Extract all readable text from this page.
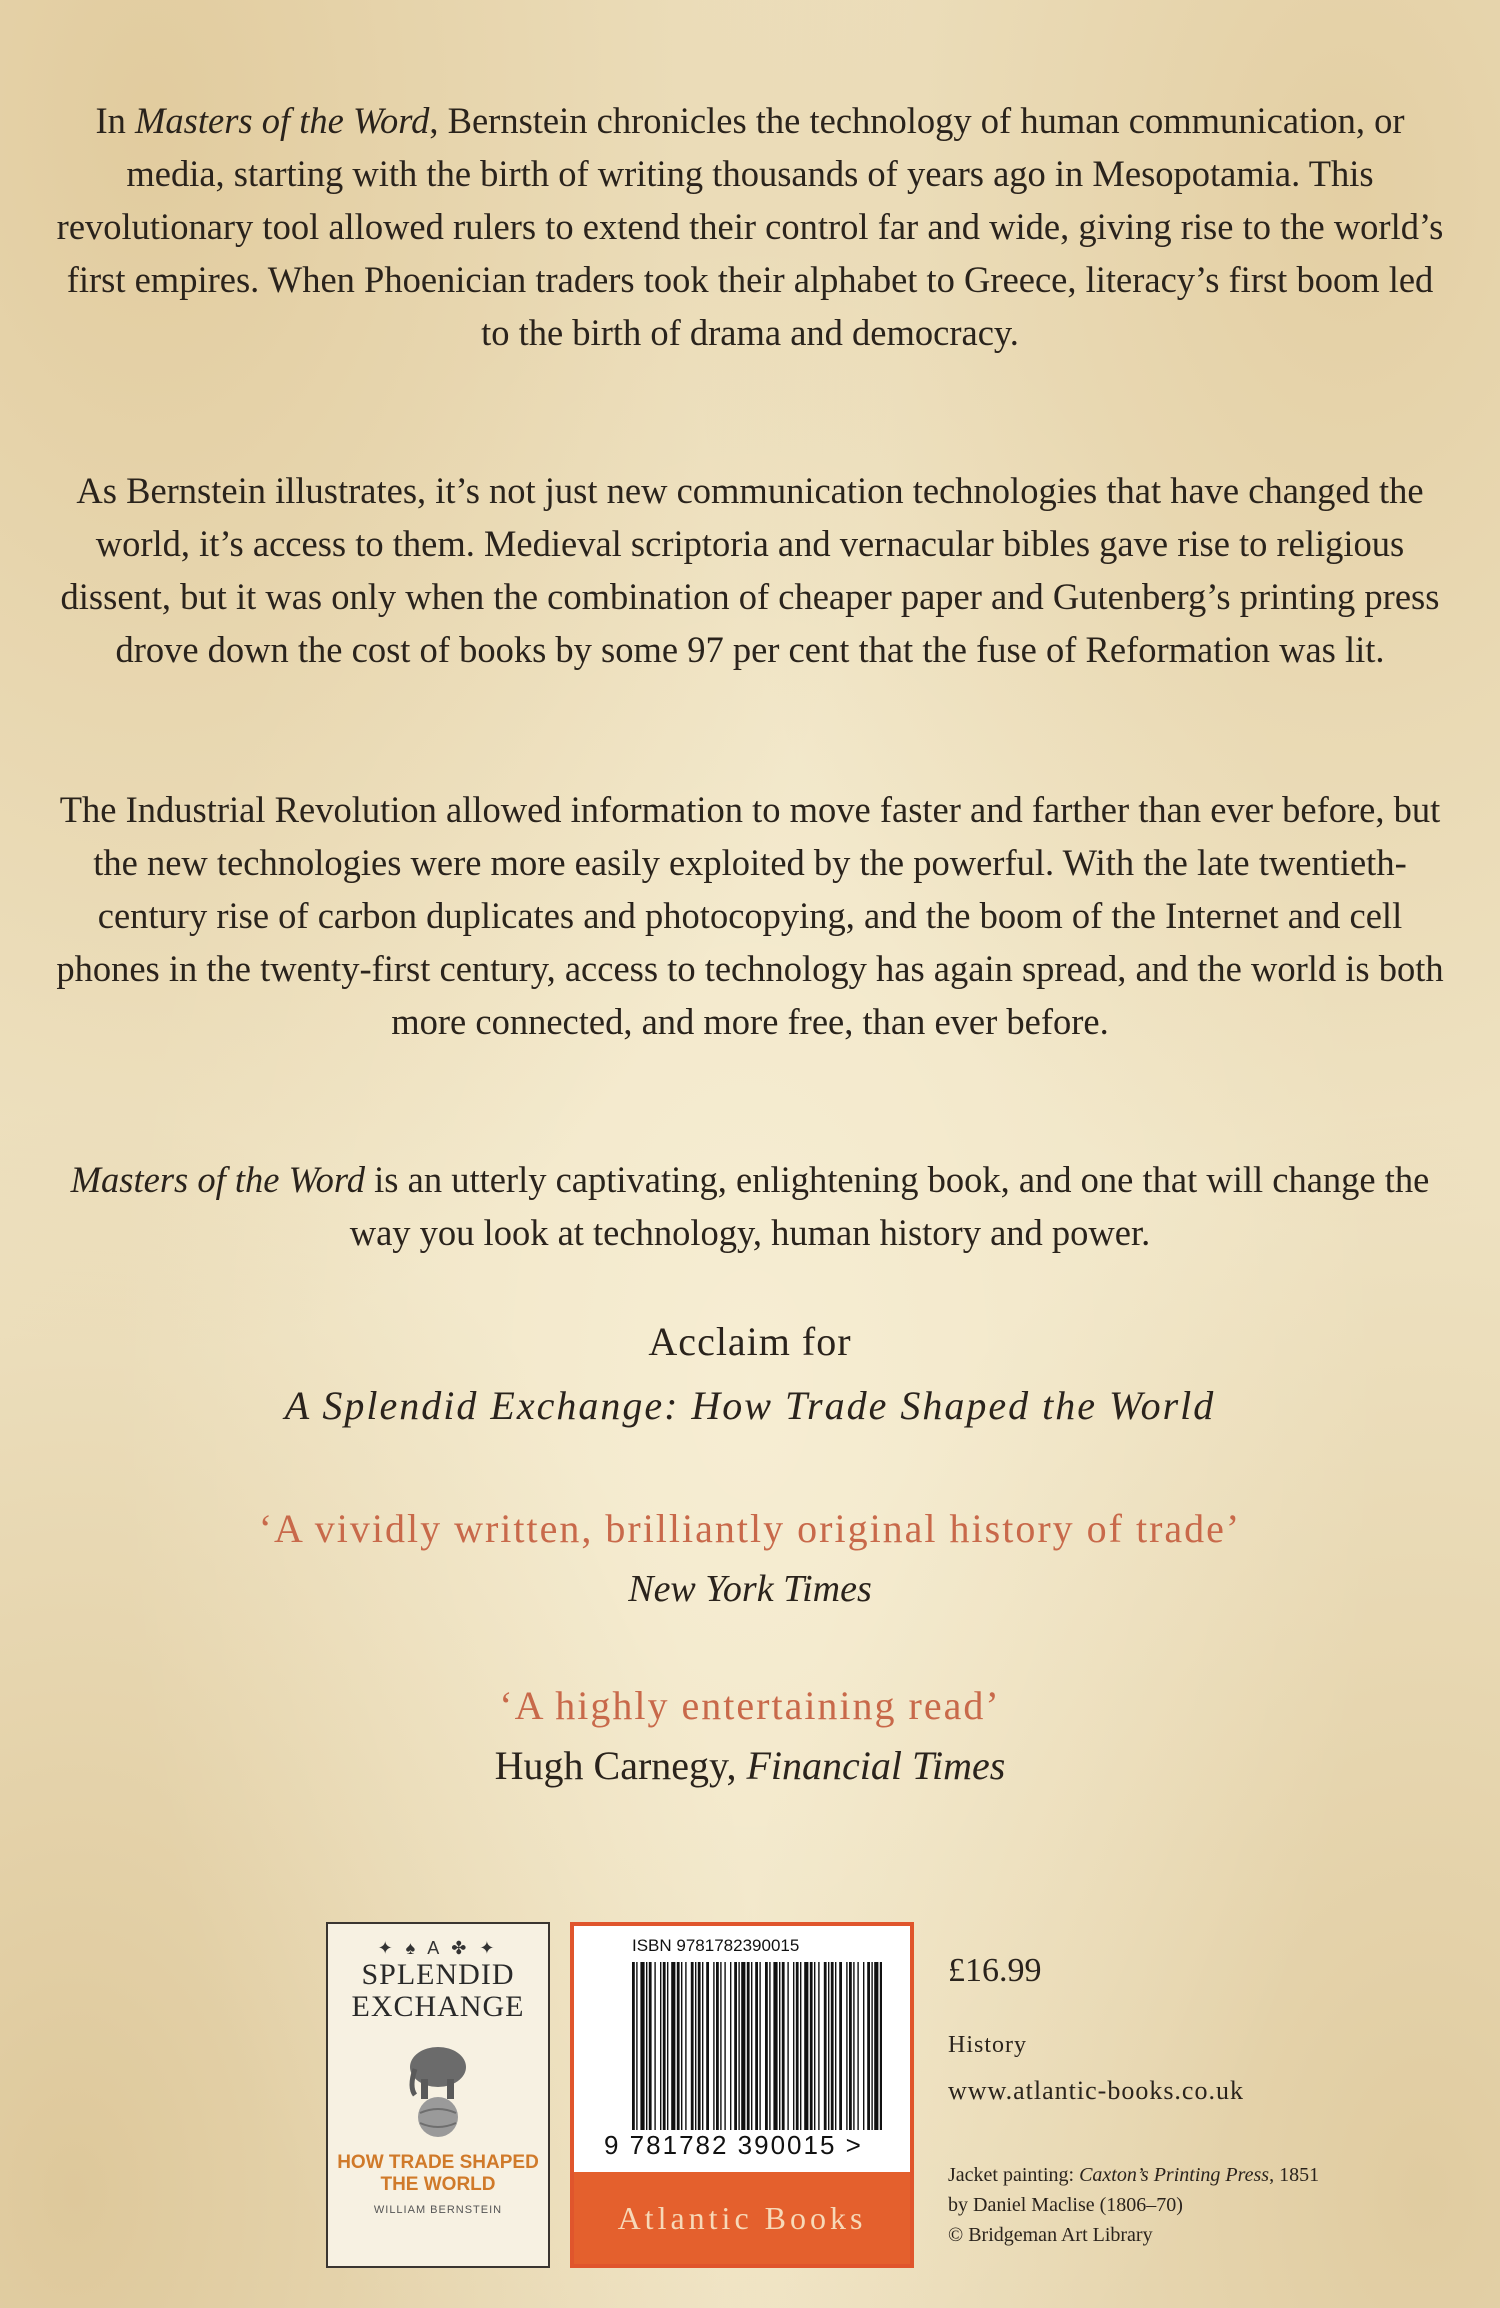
In Masters of the Word, Bernstein chronicles the technology of human communication, or media, starting with the birth of writing thousands of years ago in Mesopotamia. This revolutionary tool allowed rulers to extend their control far and wide, giving rise to the world’s first empires. When Phoenician traders took their alphabet to Greece, literacy’s first boom led to the birth of drama and democracy.
As Bernstein illustrates, it’s not just new communication technologies that have changed the world, it’s access to them. Medieval scriptoria and vernacular bibles gave rise to religious dissent, but it was only when the combination of cheaper paper and Gutenberg’s printing press drove down the cost of books by some 97 per cent that the fuse of Reformation was lit.
The Industrial Revolution allowed information to move faster and farther than ever before, but the new technologies were more easily exploited by the powerful. With the late twentieth-century rise of carbon duplicates and photocopying, and the boom of the Internet and cell phones in the twenty-first century, access to technology has again spread, and the world is both more connected, and more free, than ever before.
Masters of the Word is an utterly captivating, enlightening book, and one that will change the way you look at technology, human history and power.
Acclaim for
A Splendid Exchange: How Trade Shaped the World
‘A vividly written, brilliantly original history of trade’
New York Times
‘A highly entertaining read’
Hugh Carnegy, Financial Times
✦ ♠ A ✤ ✦
SPLENDID
EXCHANGE
HOW TRADE SHAPED
THE WORLD
WILLIAM BERNSTEIN
ISBN 9781782390015
9 781782 390015 >
Atlantic Books
£16.99
History
www.atlantic-books.co.uk
Jacket painting: Caxton’s Printing Press, 1851
by Daniel Maclise (1806–70)
© Bridgeman Art Library
